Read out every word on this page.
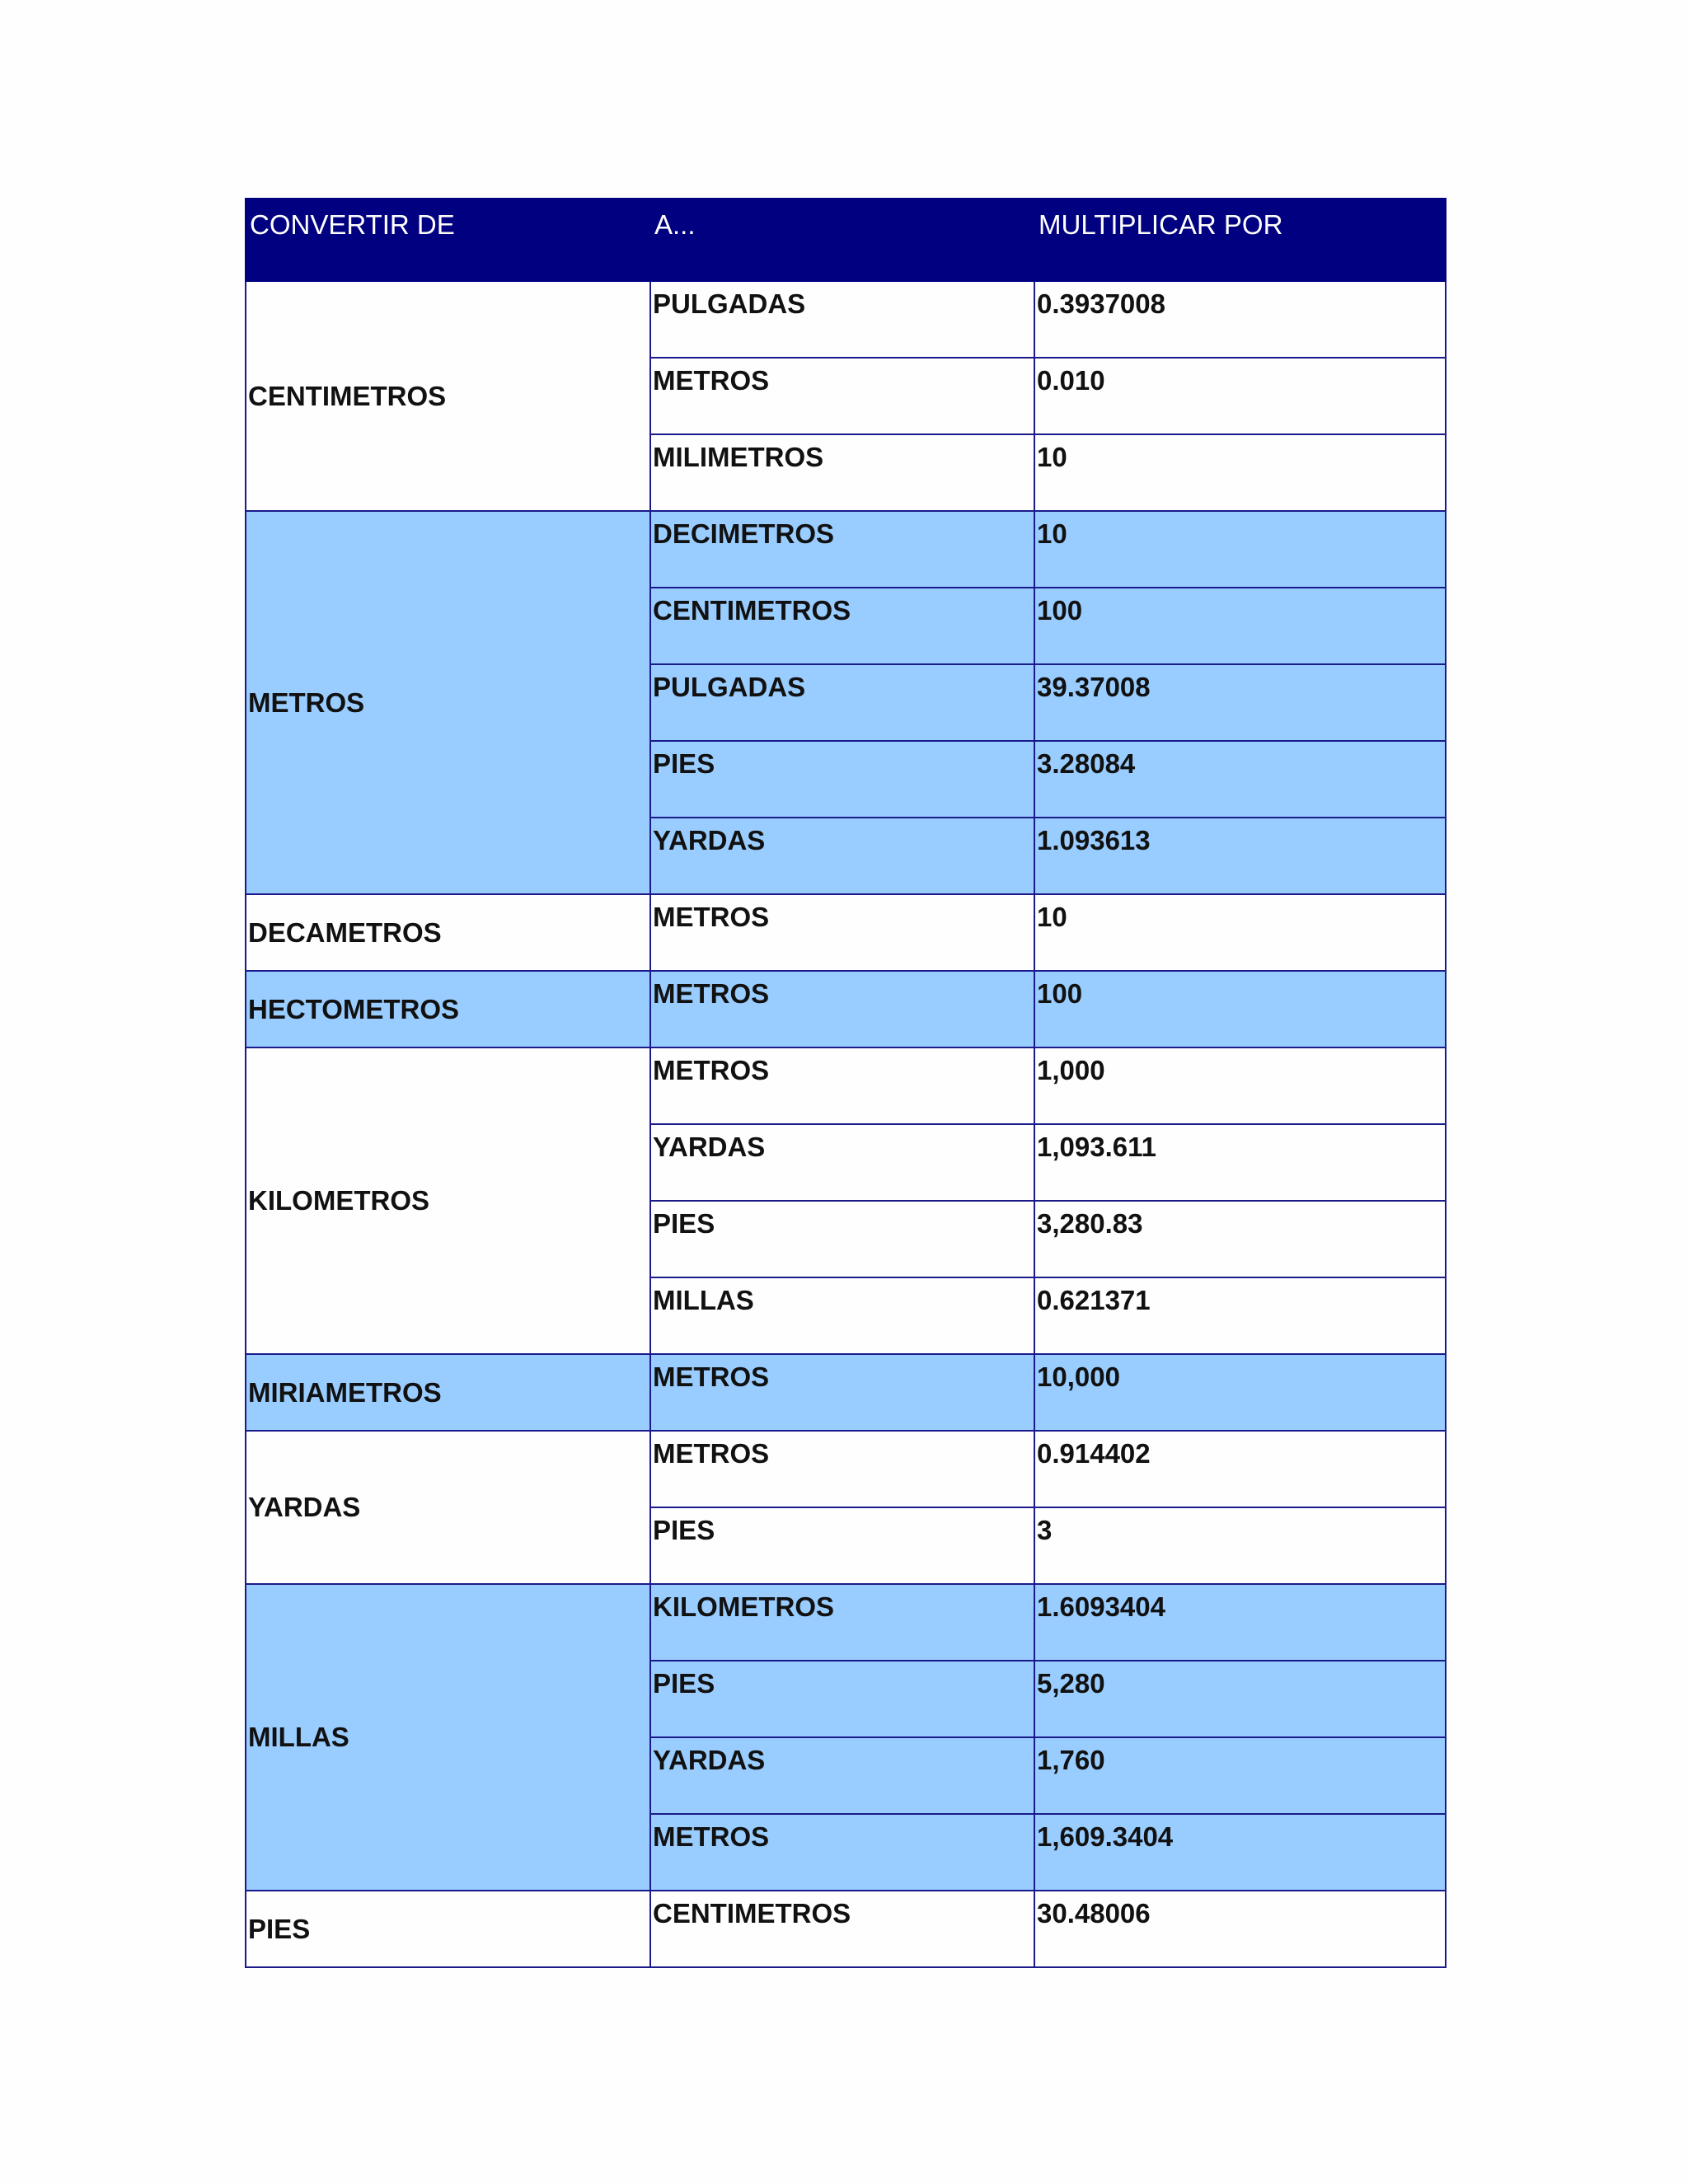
CONVERTIR DE	A...	MULTIPLICAR POR
CENTIMETROS	PULGADAS	0.3937008
	METROS	0.010
	MILIMETROS	10
METROS	DECIMETROS	10
	CENTIMETROS	100
	PULGADAS	39.37008
	PIES	3.28084
	YARDAS	1.093613
DECAMETROS	METROS	10
HECTOMETROS	METROS	100
KILOMETROS	METROS	1,000
	YARDAS	1,093.611
	PIES	3,280.83
	MILLAS	0.621371
MIRIAMETROS	METROS	10,000
YARDAS	METROS	0.914402
	PIES	3
MILLAS	KILOMETROS	1.6093404
	PIES	5,280
	YARDAS	1,760
	METROS	1,609.3404
PIES	CENTIMETROS	30.48006
